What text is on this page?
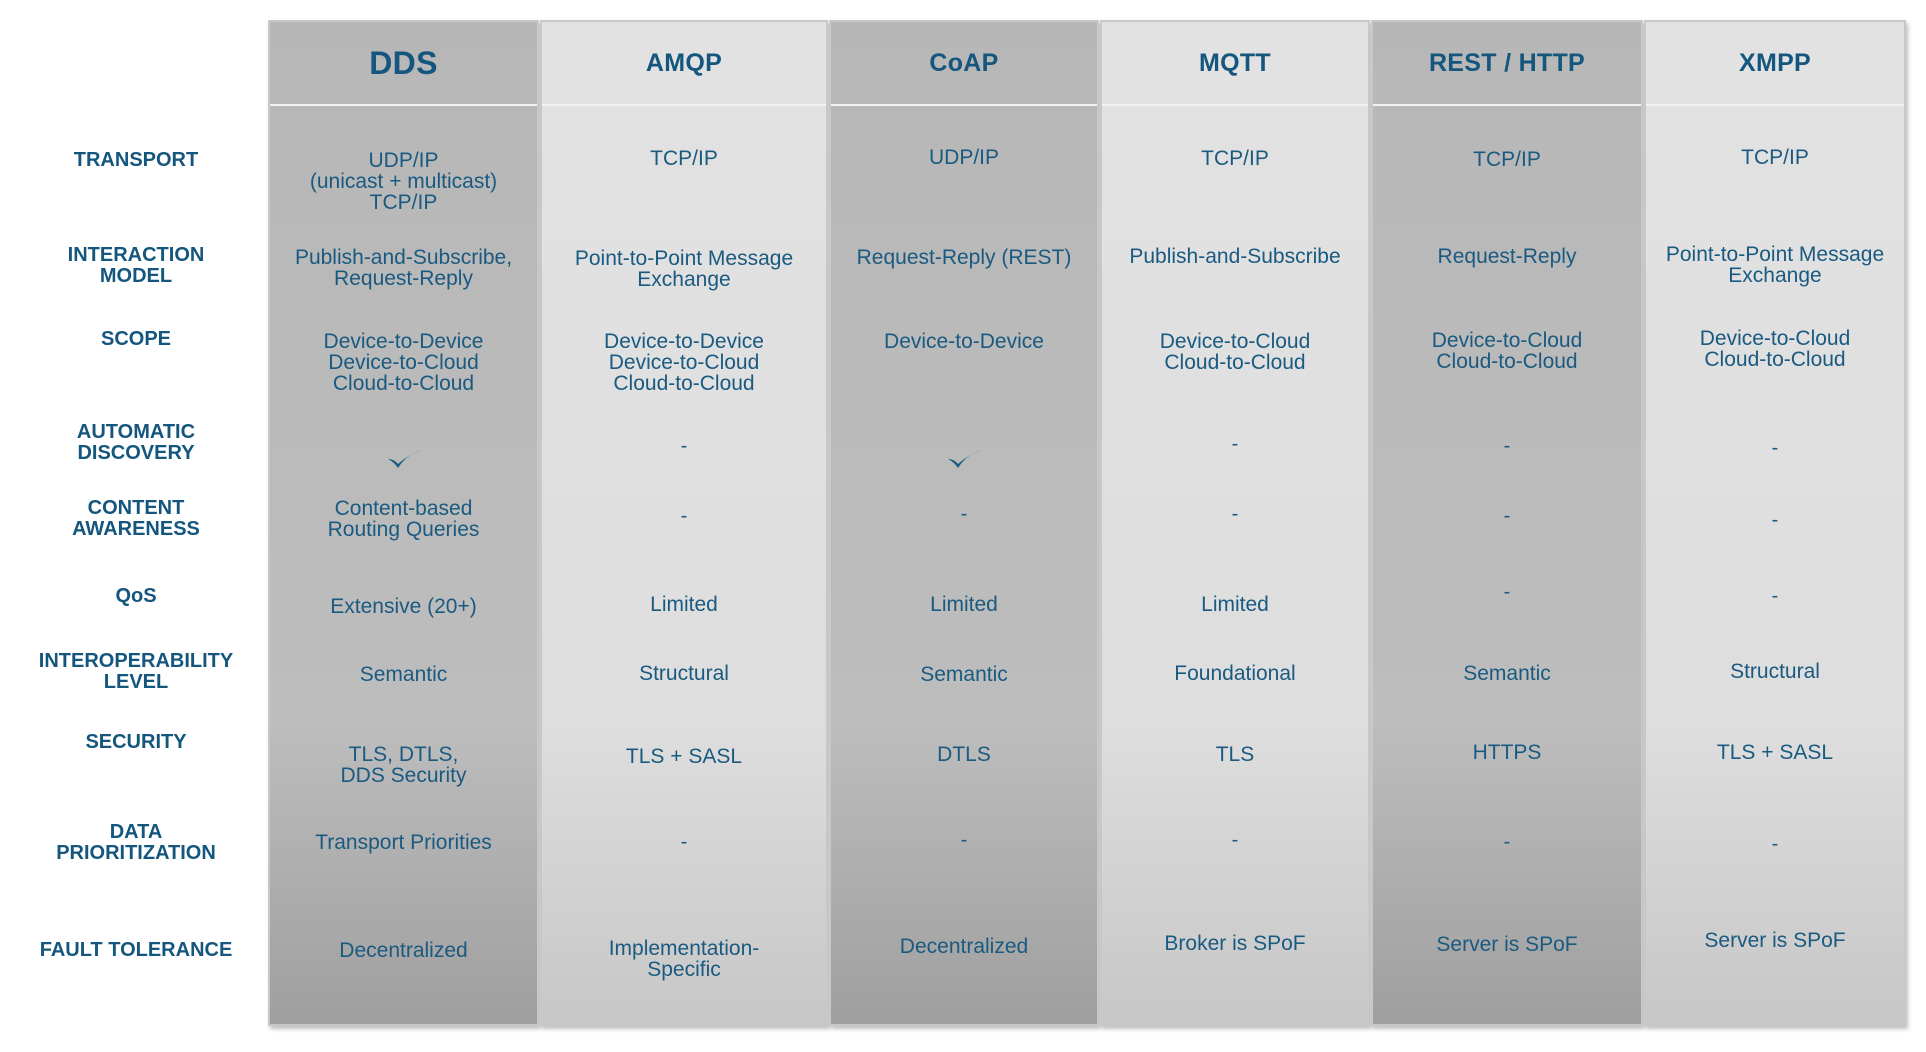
TRANSPORT
INTERACTION
MODEL
SCOPE
AUTOMATIC
DISCOVERY
CONTENT
AWARENESS
QoS
INTEROPERABILITY
LEVEL
SECURITY
DATA
PRIORITIZATION
FAULT TOLERANCE
DDS
UDP/IP
(unicast + multicast)
TCP/IP
Publish-and-Subscribe,
Request-Reply
Device-to-Device
Device-to-Cloud
Cloud-to-Cloud

Content-based
Routing Queries
Extensive (20+)
Semantic
TLS, DTLS,
DDS Security
Transport Priorities
Decentralized
AMQP
TCP/IP
Point-to-Point Message
Exchange
Device-to-Device
Device-to-Cloud
Cloud-to-Cloud
-
-
Limited
Structural
TLS + SASL
-
Implementation-
Specific
CoAP
UDP/IP
Request-Reply (REST)
Device-to-Device

-
Limited
Semantic
DTLS
-
Decentralized
MQTT
TCP/IP
Publish-and-Subscribe
Device-to-Cloud
Cloud-to-Cloud
-
-
Limited
Foundational
TLS
-
Broker is SPoF
REST / HTTP
TCP/IP
Request-Reply
Device-to-Cloud
Cloud-to-Cloud
-
-
-
Semantic
HTTPS
-
Server is SPoF
XMPP
TCP/IP
Point-to-Point Message
Exchange
Device-to-Cloud
Cloud-to-Cloud
-
-
-
Structural
TLS + SASL
-
Server is SPoF
